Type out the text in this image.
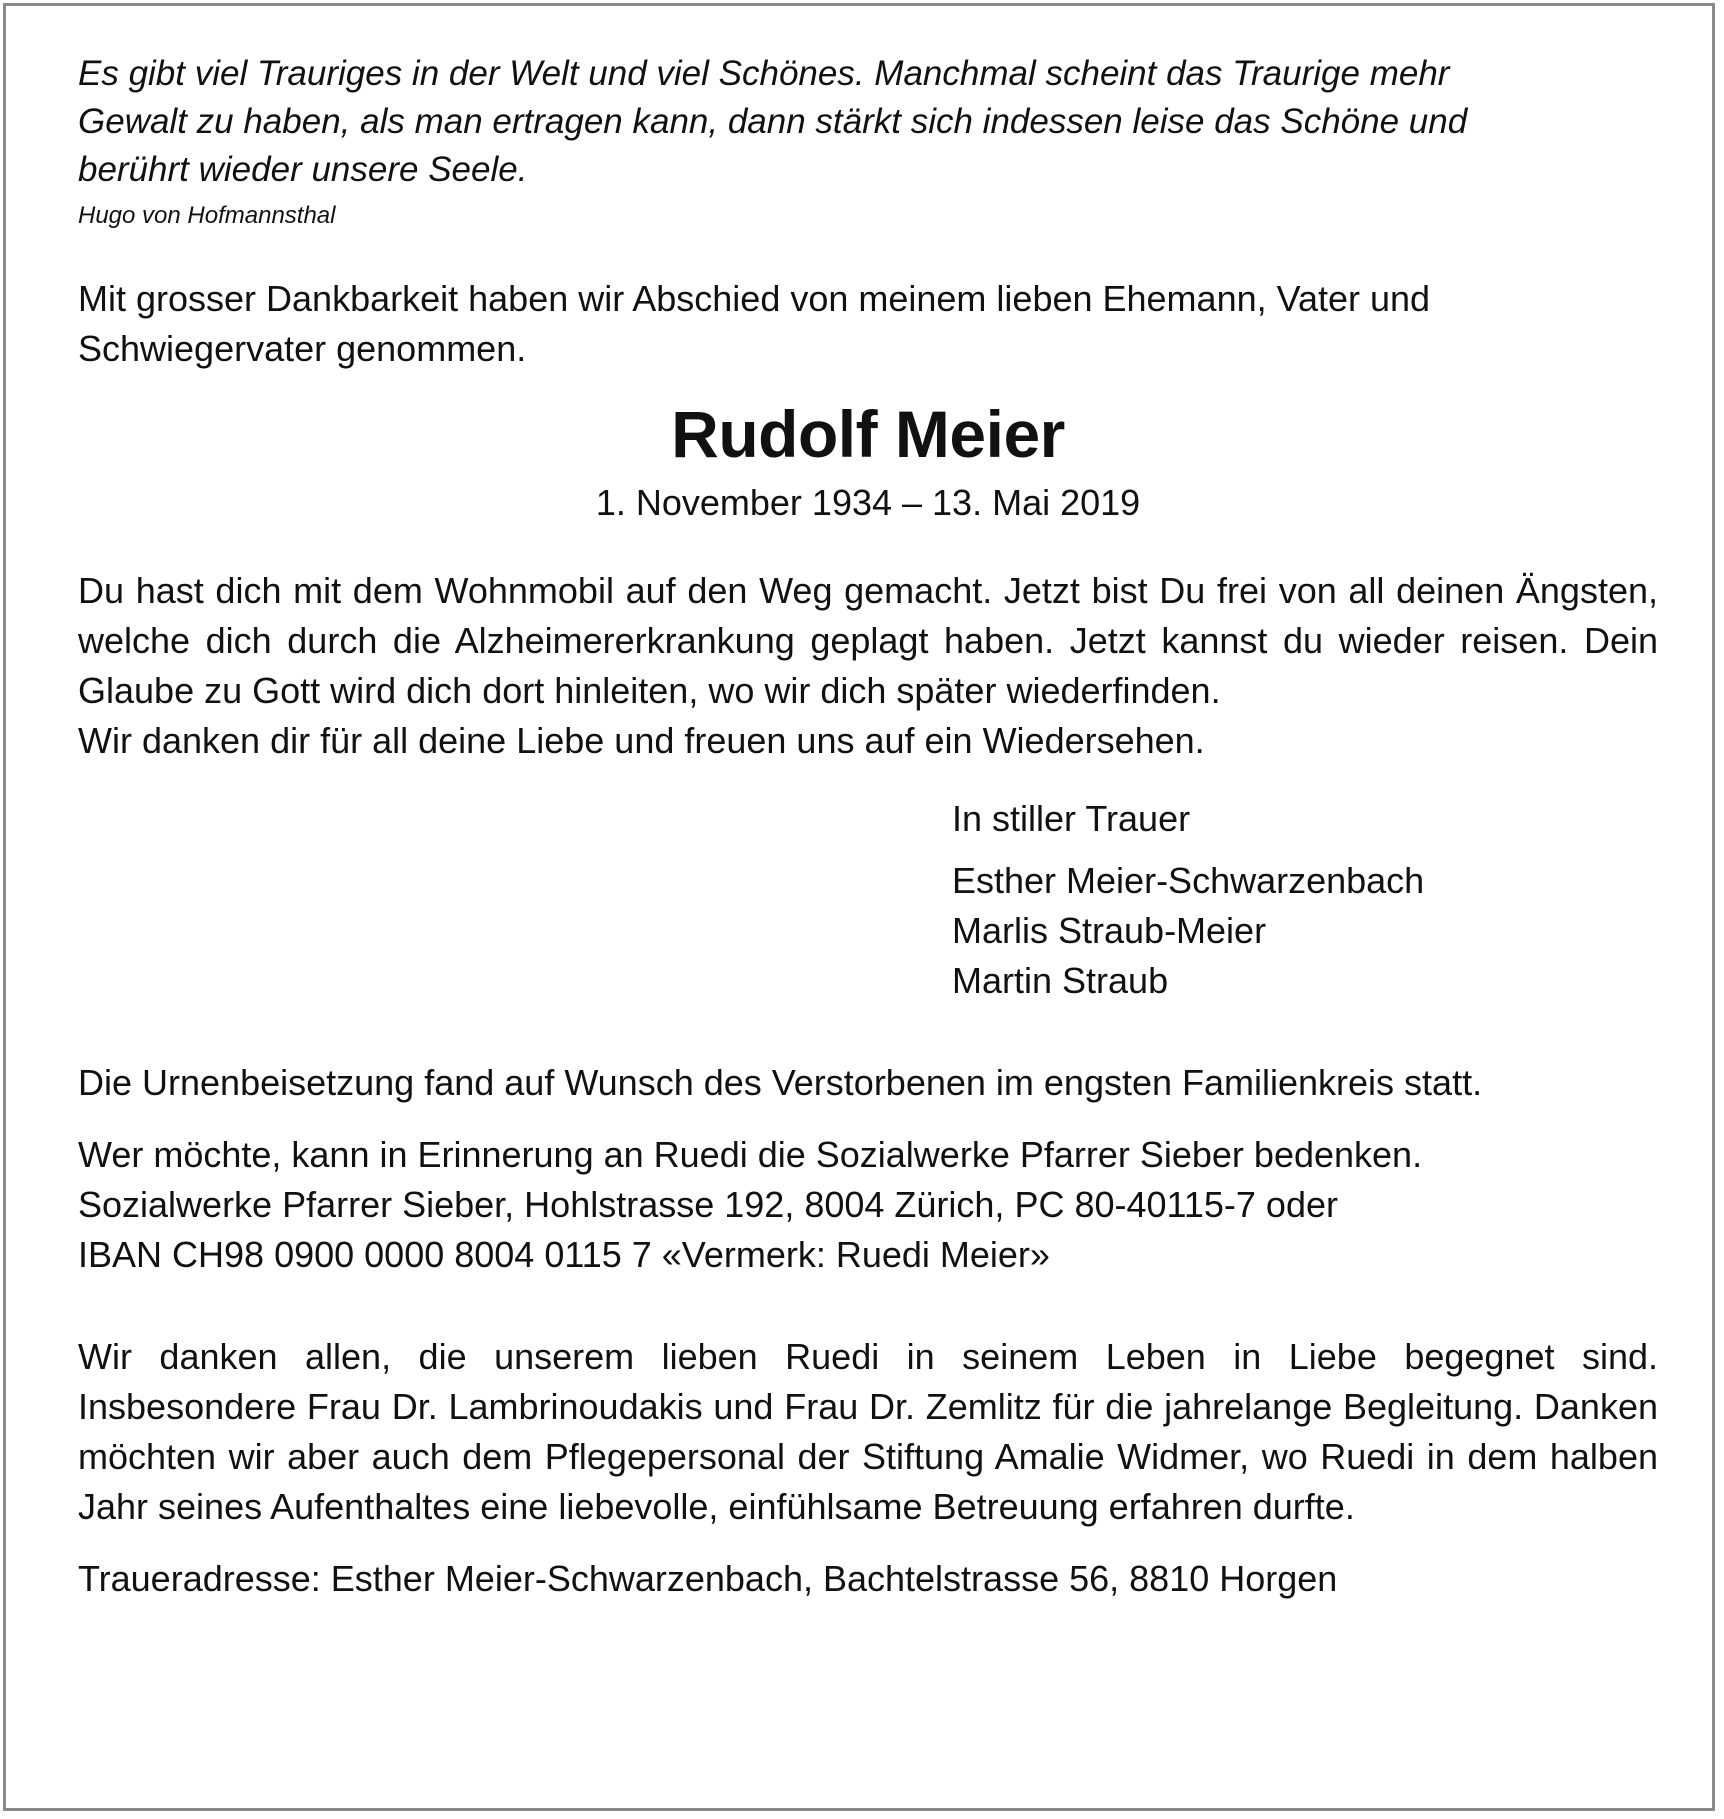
Es gibt viel Trauriges in der Welt und viel Schönes. Manchmal scheint das Traurige mehr
Gewalt zu haben, als man ertragen kann, dann stärkt sich indessen leise das Schöne und
berührt wieder unsere Seele.

Hugo von Hofmannsthal

Mit grosser Dankbarkeit haben wir Abschied von meinem lieben Ehemann, Vater und
Schwiegervater genommen.

Rudolf Meier

1. November 1934 – 13. Mai 2019

Du hast dich mit dem Wohnmobil auf den Weg gemacht. Jetzt bist Du frei von all deinen Ängsten, welche dich durch die Alzheimererkrankung geplagt haben. Jetzt kannst du wieder reisen. Dein Glaube zu Gott wird dich dort hinleiten, wo wir dich später wiederfinden.

Wir danken dir für all deine Liebe und freuen uns auf ein Wiedersehen.

In stiller Trauer

Esther Meier-Schwarzenbach

Marlis Straub-Meier

Martin Straub

Die Urnenbeisetzung fand auf Wunsch des Verstorbenen im engsten Familienkreis statt.

Wer möchte, kann in Erinnerung an Ruedi die Sozialwerke Pfarrer Sieber bedenken.
Sozialwerke Pfarrer Sieber, Hohlstrasse 192, 8004 Zürich, PC 80-40115-7 oder
IBAN CH98 0900 0000 8004 0115 7 «Vermerk: Ruedi Meier»

Wir danken allen, die unserem lieben Ruedi in seinem Leben in Liebe begegnet sind. Insbesondere Frau Dr. Lambrinoudakis und Frau Dr. Zemlitz für die jahrelange Begleitung. Danken möchten wir aber auch dem Pflegepersonal der Stiftung Amalie Widmer, wo Ruedi in dem halben Jahr seines Aufenthaltes eine liebevolle, einfühlsame Betreuung erfahren durfte.

Traueradresse: Esther Meier-Schwarzenbach, Bachtelstrasse 56, 8810 Horgen
